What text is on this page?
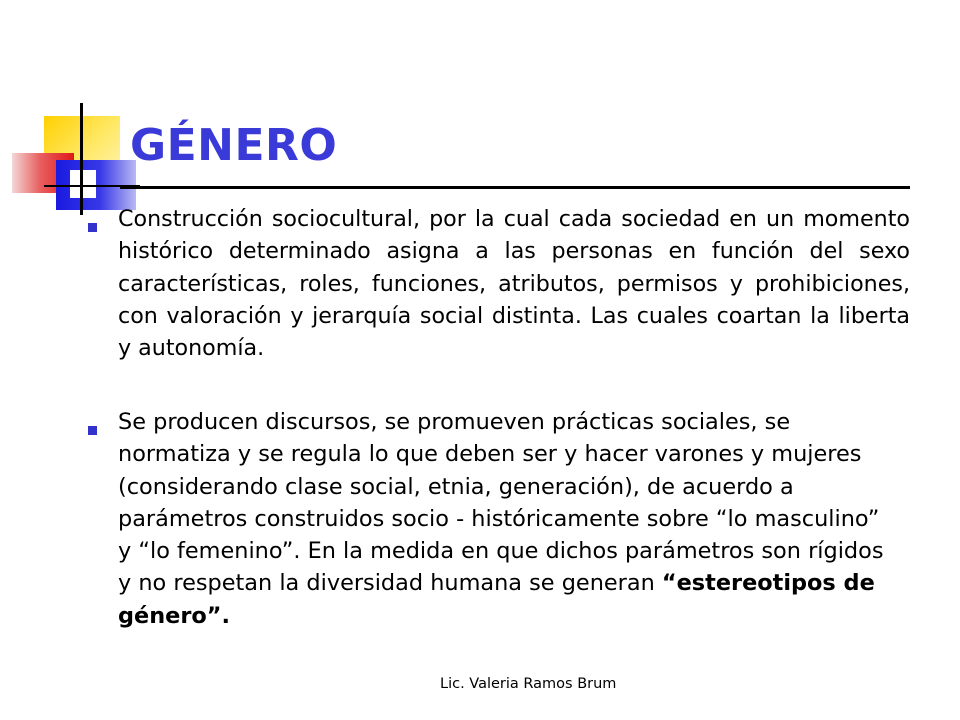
GÉNERO

Construcción sociocultural, por la cual cada sociedad en un momento histórico determinado asigna a las personas en función del sexo características, roles, funciones, atributos, permisos y prohibiciones, con valoración y jerarquía social distinta. Las cuales coartan la liberta y autonomía.

Se producen discursos, se promueven prácticas sociales, se normatiza y se regula lo que deben ser y hacer varones y mujeres (considerando clase social, etnia, generación), de acuerdo a parámetros construidos socio - históricamente sobre “lo masculino” y “lo femenino”. En la medida en que dichos parámetros son rígidos y no respetan la diversidad humana se generan “estereotipos de género”.

Lic. Valeria Ramos Brum
